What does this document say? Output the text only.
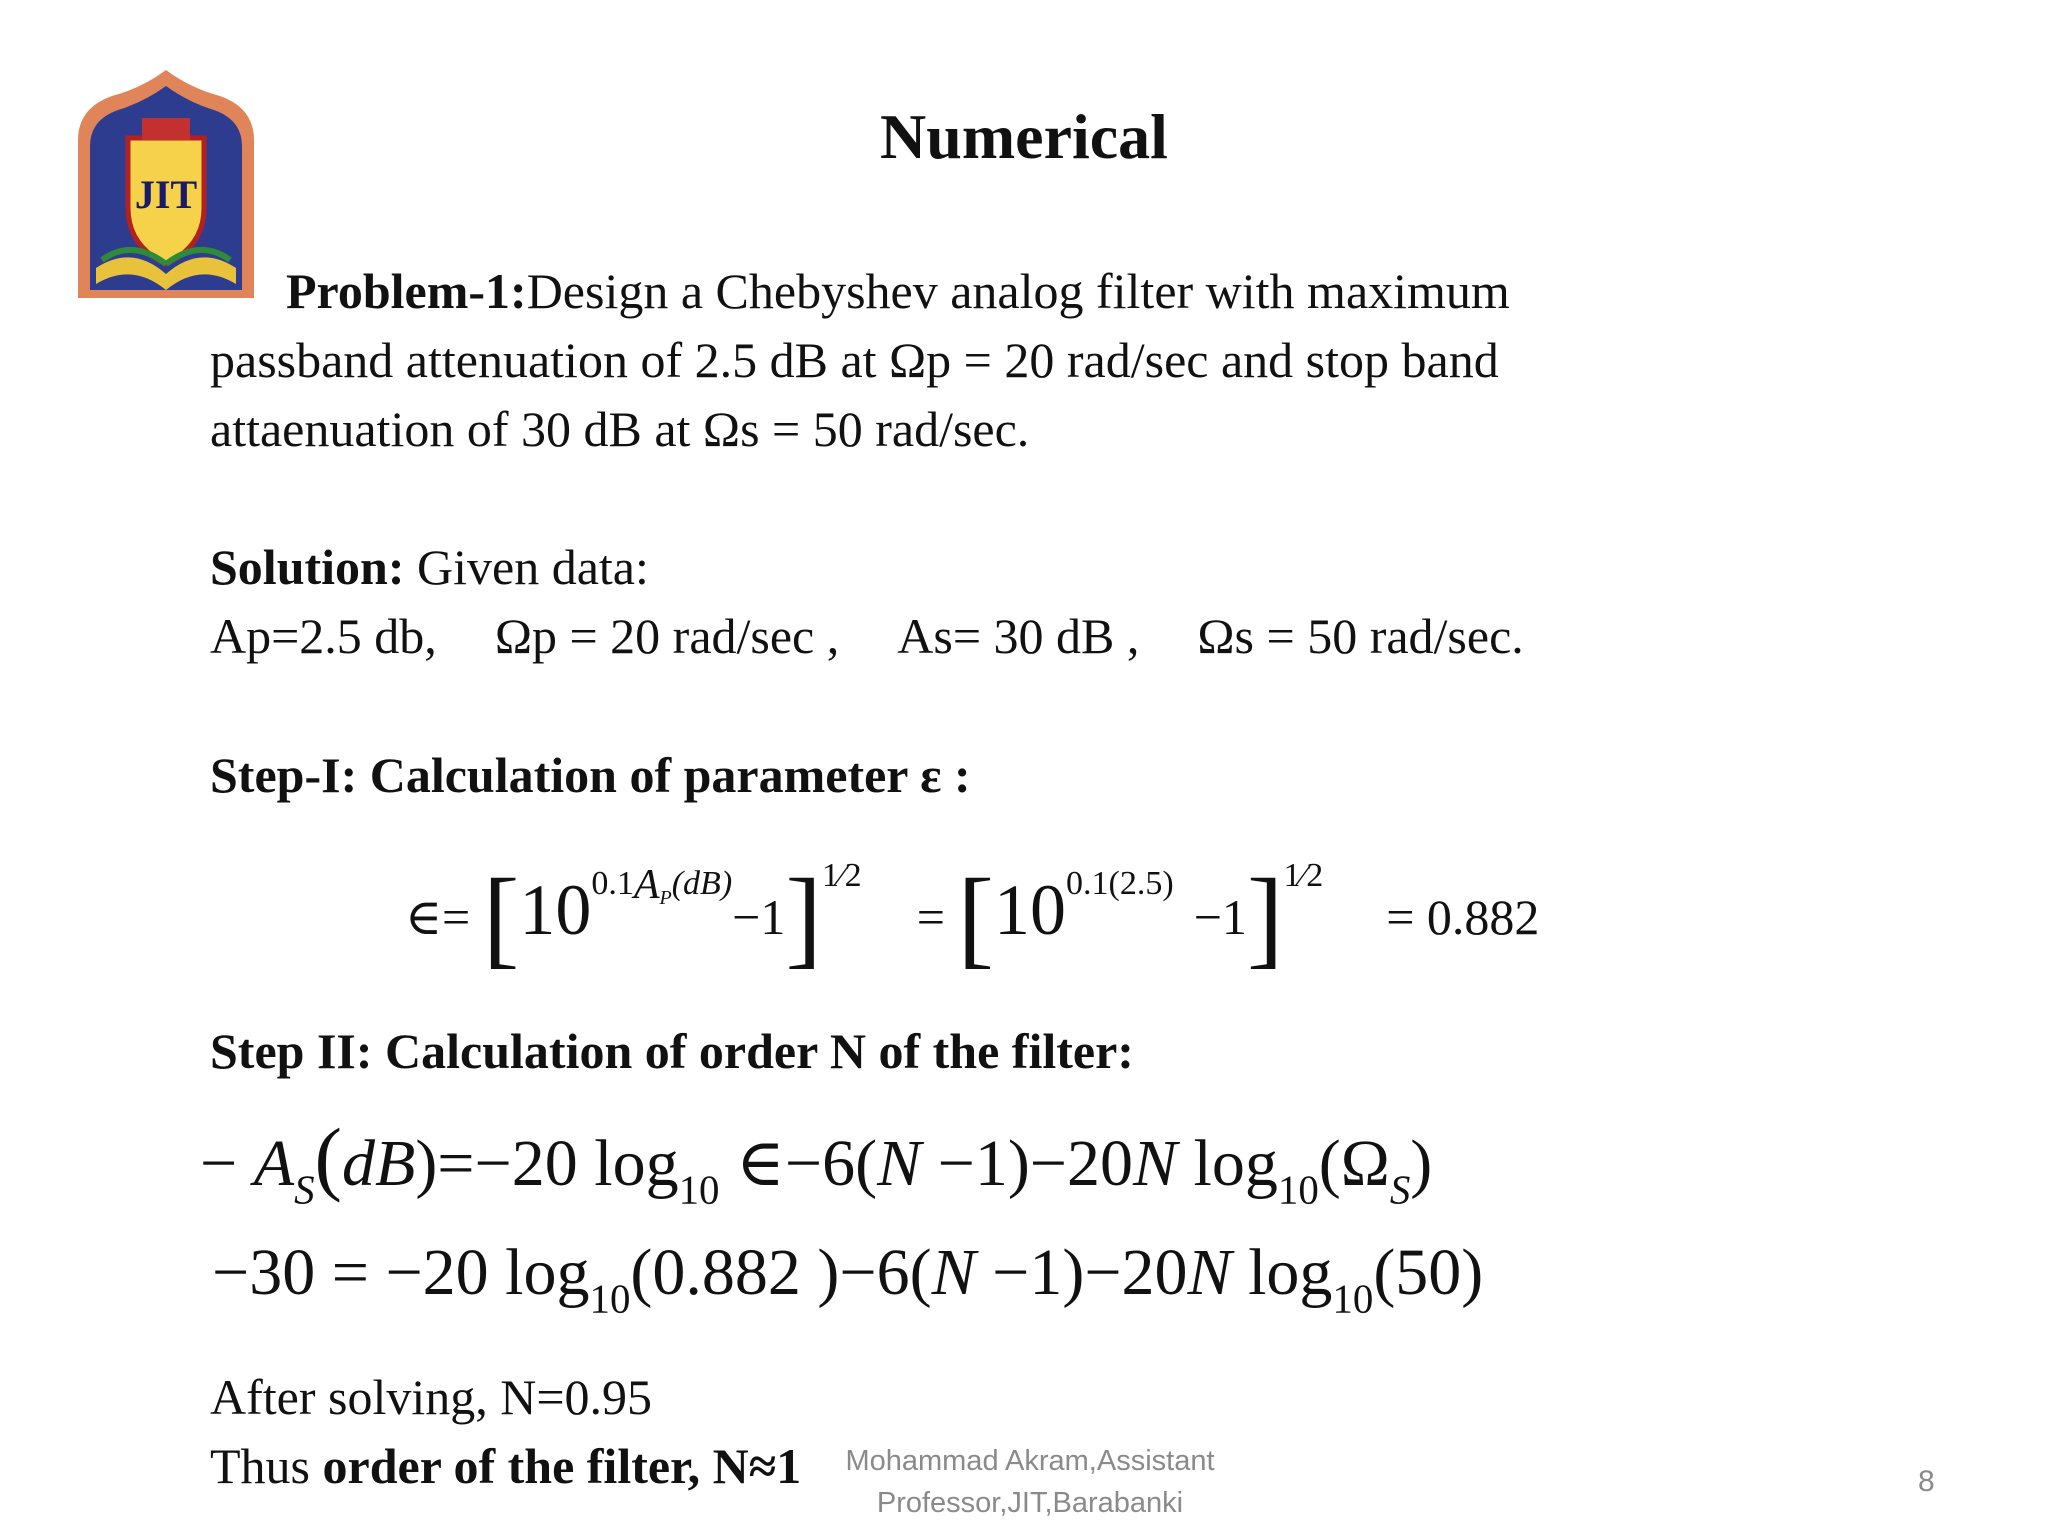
JIT
Numerical
Problem-1:Design a Chebyshev analog filter with maximum
passband attenuation of 2.5 dB at Ωp = 20 rad/sec and stop band
attaenuation of 30 dB at Ωs = 50 rad/sec.
Solution: Given data:
Ap=2.5 db, Ωp = 20 rad/sec , As= 30 dB , Ωs = 50 rad/sec.
Step-I: Calculation of parameter ε :
∈= $[10^{0.1AP(dB)}-1]^{1⁄2} = [10^{0.1(2.5)}-1]^{1⁄2} = 0.882$
Step II: Calculation of order N of the filter:
− $A_S(dB)=-20$ $\log_{10}$ ∈−6(N −1)−20N $\log_{10}(\Omega_S)$
−30 = −20 $\log_{10}(0.882$ )−6(N −1)−20N $\log_{10}(50)$
After solving, N=0.95
Thus order of the filter, N≈1	Mohammad Akram,Assistant
Professor,JIT,Barabanki
8
